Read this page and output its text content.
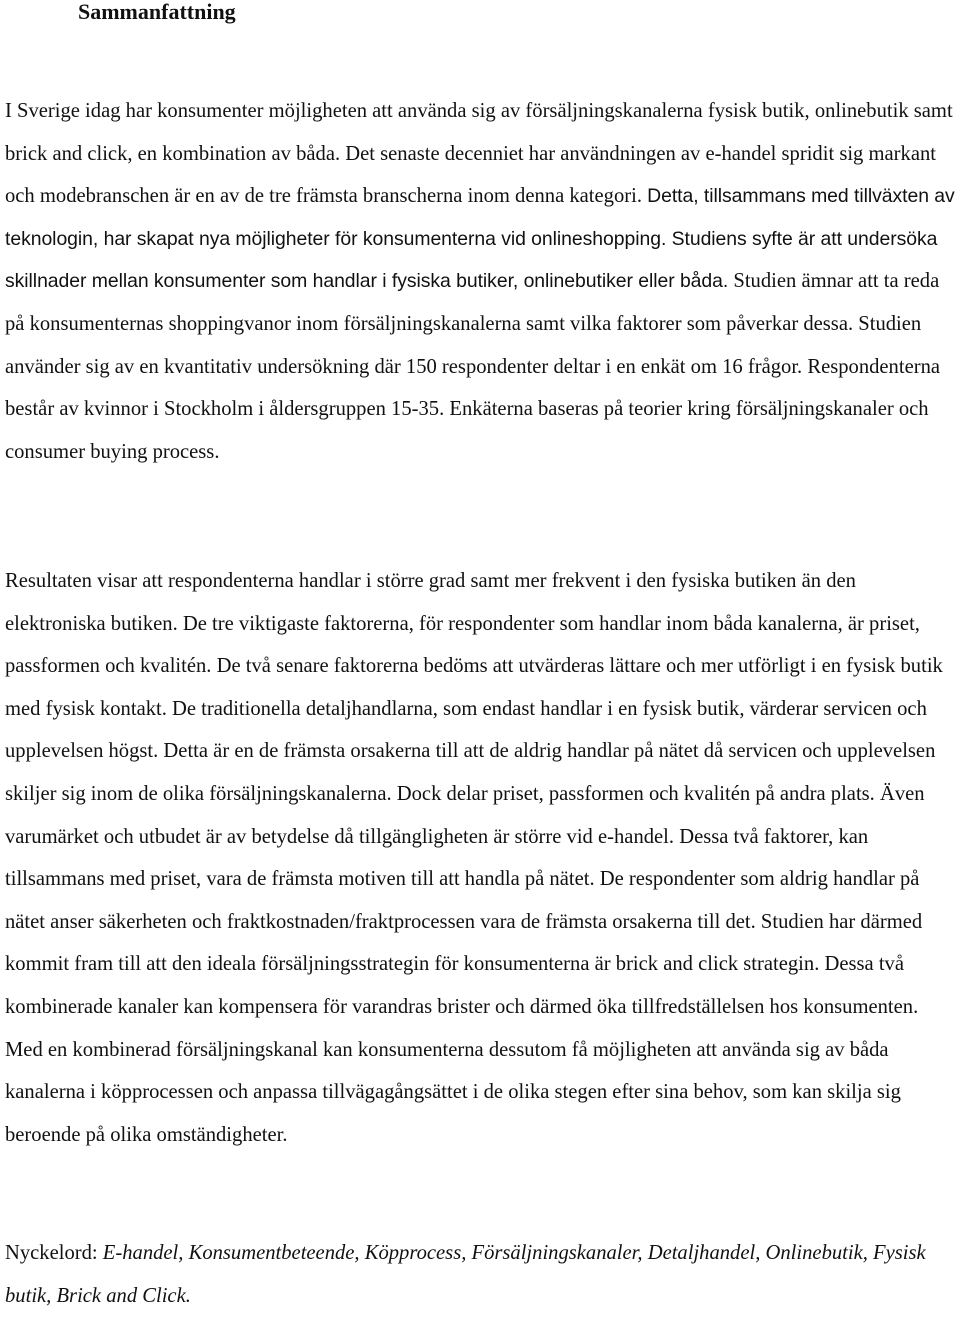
Sammanfattning

I Sverige idag har konsumenter möjligheten att använda sig av försäljningskanalerna fysisk butik, onlinebutik samt brick and click, en kombination av båda. Det senaste decenniet har användningen av e-handel spridit sig markant och modebranschen är en av de tre främsta branscherna inom denna kategori. Detta, tillsammans med tillväxten av teknologin, har skapat nya möjligheter för konsumenterna vid onlineshopping. Studiens syfte är att undersöka skillnader mellan konsumenter som handlar i fysiska butiker, onlinebutiker eller båda. Studien ämnar att ta reda på konsumenternas shoppingvanor inom försäljningskanalerna samt vilka faktorer som påverkar dessa. Studien använder sig av en kvantitativ undersökning där 150 respondenter deltar i en enkät om 16 frågor. Respondenterna består av kvinnor i Stockholm i åldersgruppen 15-35. Enkäterna baseras på teorier kring försäljningskanaler och consumer buying process.

Resultaten visar att respondenterna handlar i större grad samt mer frekvent i den fysiska butiken än den elektroniska butiken. De tre viktigaste faktorerna, för respondenter som handlar inom båda kanalerna, är priset, passformen och kvalitén. De två senare faktorerna bedöms att utvärderas lättare och mer utförligt i en fysisk butik med fysisk kontakt. De traditionella detaljhandlarna, som endast handlar i en fysisk butik, värderar servicen och upplevelsen högst. Detta är en de främsta orsakerna till att de aldrig handlar på nätet då servicen och upplevelsen skiljer sig inom de olika försäljningskanalerna. Dock delar priset, passformen och kvalitén på andra plats. Även varumärket och utbudet är av betydelse då tillgängligheten är större vid e-handel. Dessa två faktorer, kan tillsammans med priset, vara de främsta motiven till att handla på nätet. De respondenter som aldrig handlar på nätet anser säkerheten och fraktkostnaden/fraktprocessen vara de främsta orsakerna till det. Studien har därmed kommit fram till att den ideala försäljningsstrategin för konsumenterna är brick and click strategin. Dessa två kombinerade kanaler kan kompensera för varandras brister och därmed öka tillfredställelsen hos konsumenten. Med en kombinerad försäljningskanal kan konsumenterna dessutom få möjligheten att använda sig av båda kanalerna i köpprocessen och anpassa tillvägagångsättet i de olika stegen efter sina behov, som kan skilja sig beroende på olika omständigheter.

Nyckelord: E-handel, Konsumentbeteende, Köpprocess, Försäljningskanaler, Detaljhandel, Onlinebutik, Fysisk butik, Brick and Click.
